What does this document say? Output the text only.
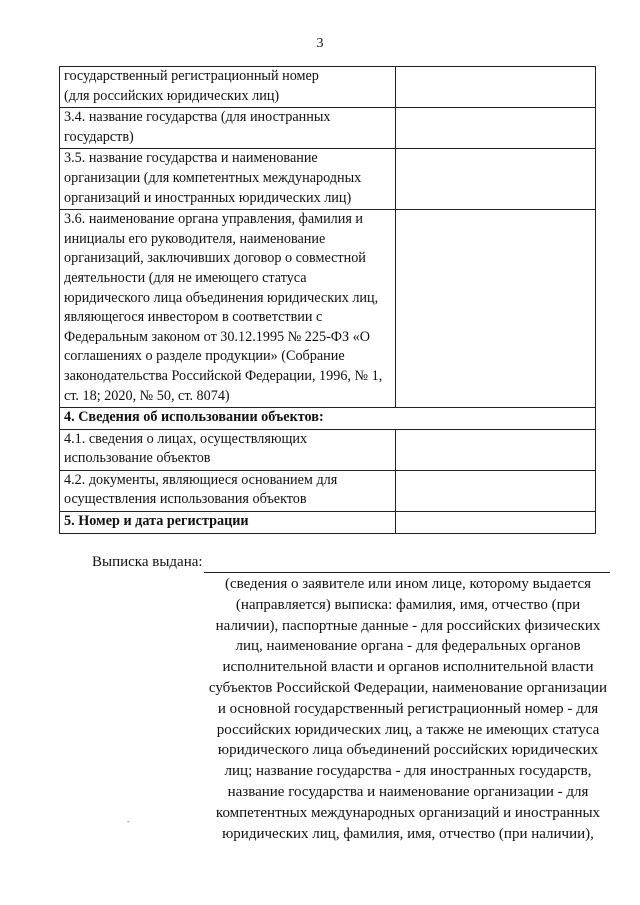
3
государственный регистрационный номер
(для российских юридических лиц)	
3.4. название государства (для иностранных государств)	
3.5. название государства и наименование организации (для компетентных международных организаций и иностранных юридических лиц)	
3.6. наименование органа управления, фамилия и инициалы его руководителя, наименование организаций, заключивших договор о совместной деятельности (для не имеющего статуса юридического лица объединения юридических лиц, являющегося инвестором в соответствии с Федеральным законом от 30.12.1995 № 225-ФЗ «О соглашениях о разделе продукции» (Собрание законодательства Российской Федерации, 1996, № 1, ст. 18; 2020, № 50, ст. 8074)	
4. Сведения об использовании объектов:	
4.1. сведения о лицах, осуществляющих использование объектов	
4.2. документы, являющиеся основанием для осуществления использования объектов	
5. Номер и дата регистрации	
Выписка выдана:
(сведения о заявителе или ином лице, которому выдается (направляется) выписка: фамилия, имя, отчество (при наличии), паспортные данные - для российских физических лиц, наименование органа - для федеральных органов исполнительной власти и органов исполнительной власти субъектов Российской Федерации, наименование организации и основной государственный регистрационный номер - для российских юридических лиц, а также не имеющих статуса юридического лица объединений российских юридических лиц; название государства - для иностранных государств, название государства и наименование организации - для компетентных международных организаций и иностранных юридических лиц, фамилия, имя, отчество (при наличии),
-
